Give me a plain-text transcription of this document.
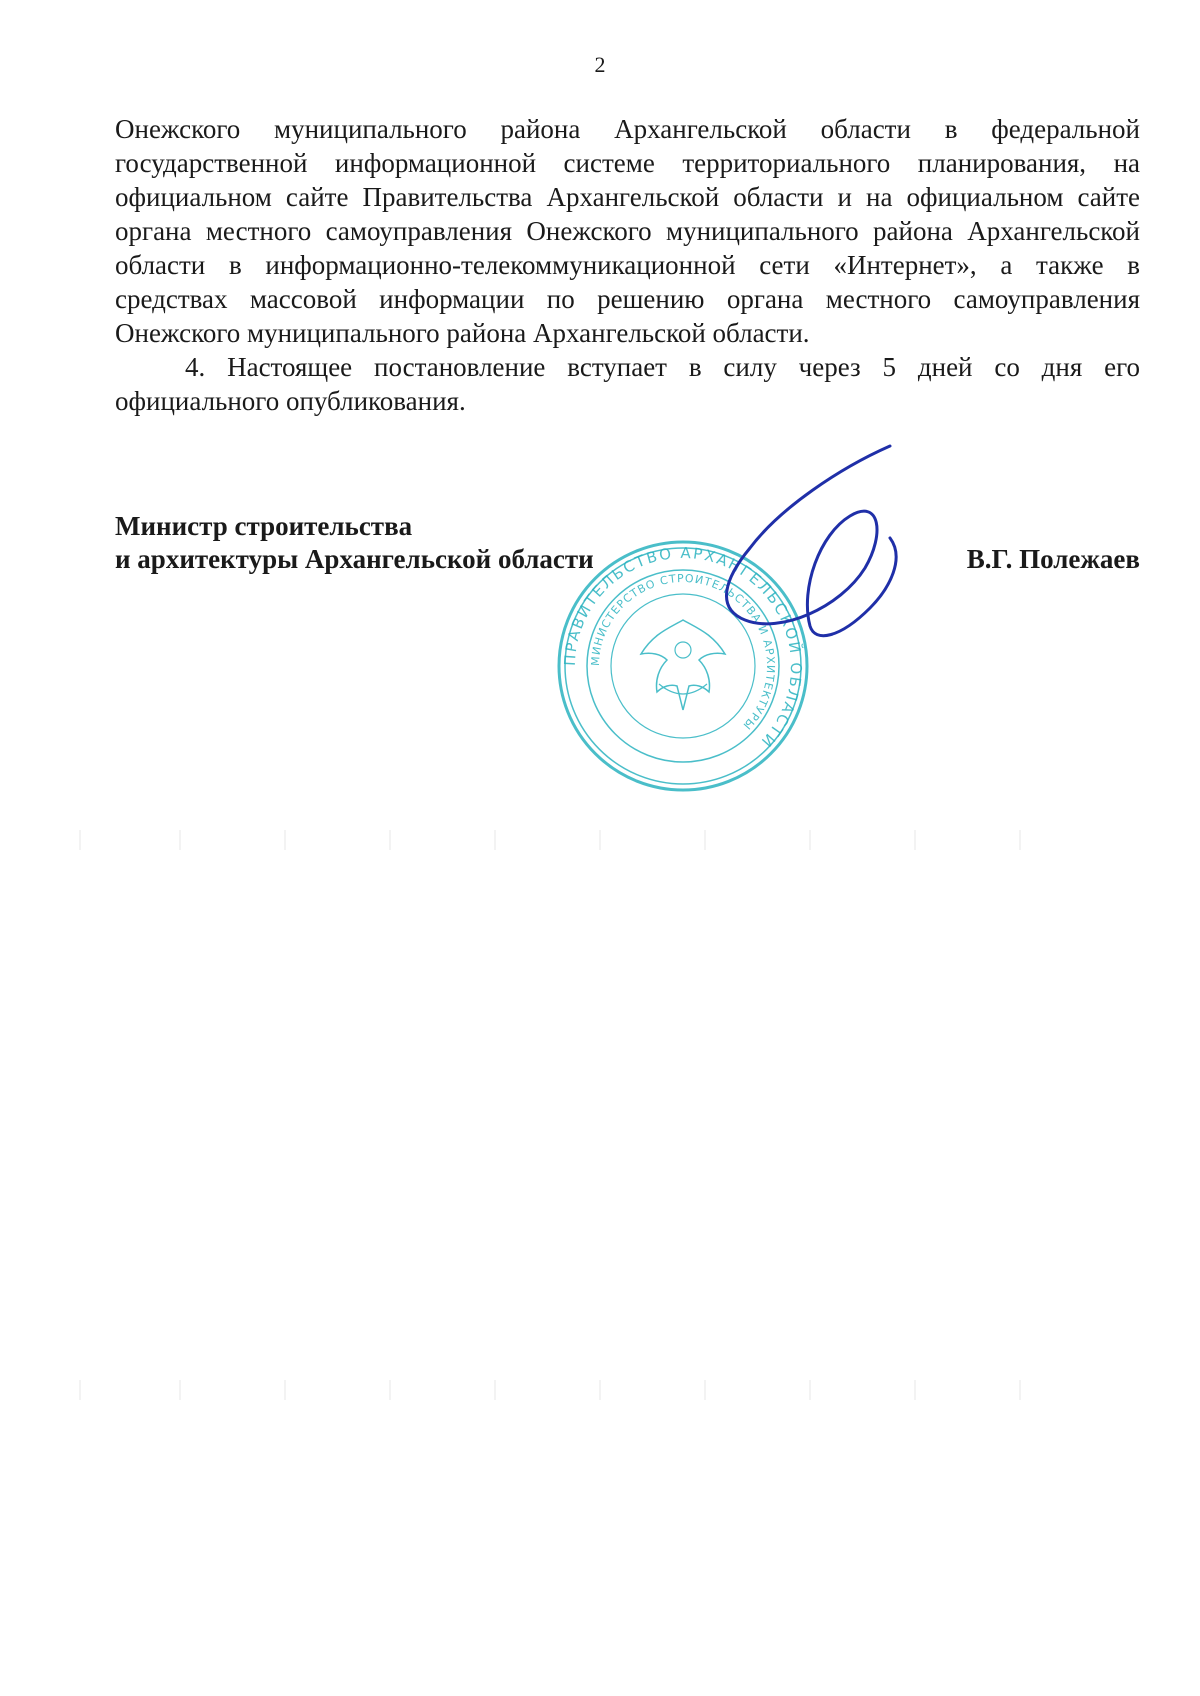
2

Онежского муниципального района Архангельской области в федеральной государственной информационной системе территориального планирования, на официальном сайте Правительства Архангельской области и на официальном сайте органа местного самоуправления Онежского муниципального района Архангельской области в информационно-телекоммуникационной сети «Интернет», а также в средствах массовой информации по решению органа местного самоуправления Онежского муниципального района Архангельской области.

4. Настоящее постановление вступает в силу через 5 дней со дня его официального опубликования.

Министр строительства
и архитектуры Архангельской области	В.Г. Полежаев
ПРАВИТЕЛЬСТВО АРХАНГЕЛЬСКОЙ ОБЛАСТИ
МИНИСТЕРСТВО СТРОИТЕЛЬСТВА И АРХИТЕКТУРЫ
